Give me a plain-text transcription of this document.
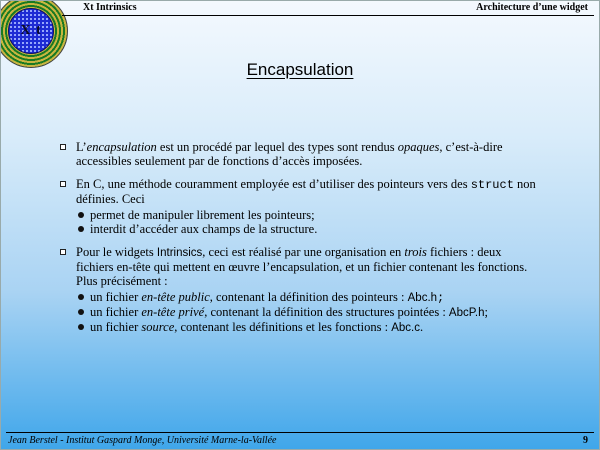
X t
Xt Intrinsics	Architecture d’une widget
Encapsulation
L’encapsulation est un procédé par lequel des types sont rendus opaques, c’est-à-dire accessibles seulement par de fonctions d’accès imposées.
En C, une méthode couramment employée est d’utiliser des pointeurs vers des struct non définies. Ceci
permet de manipuler librement les pointeurs;
interdit d’accéder aux champs de la structure.
Pour le widgets Intrinsics, ceci est réalisé par une organisation en trois fichiers : deux fichiers en-tête qui mettent en œuvre l’encapsulation, et un fichier contenant les fonctions. Plus précisément :
un fichier en-tête public, contenant la définition des pointeurs : Abc.h;
un fichier en-tête privé, contenant la définition des structures pointées : AbcP.h;
un fichier source, contenant les définitions et les fonctions : Abc.c.
Jean Berstel - Institut Gaspard Monge, Université Marne-la-Vallée	9
